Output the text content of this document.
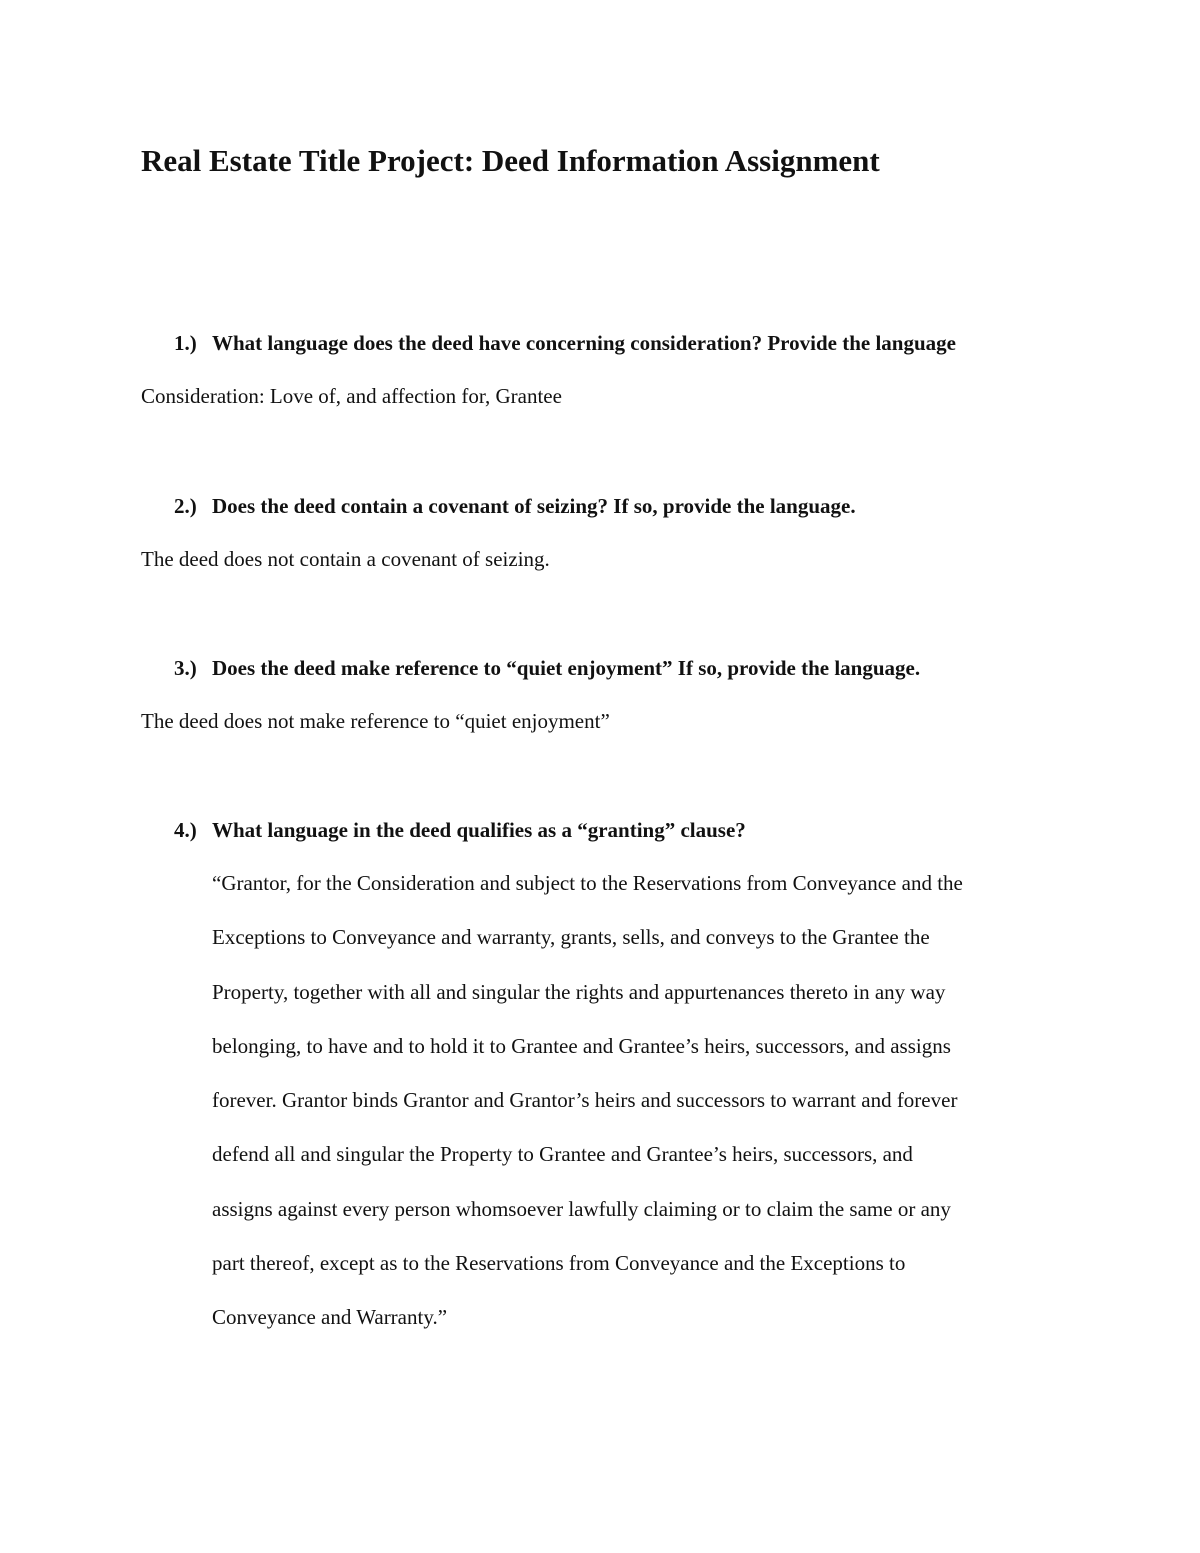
Real Estate Title Project: Deed Information Assignment

1.) What language does the deed have concerning consideration? Provide the language

Consideration: Love of, and affection for, Grantee

2.) Does the deed contain a covenant of seizing? If so, provide the language.

The deed does not contain a covenant of seizing.

3.) Does the deed make reference to “quiet enjoyment” If so, provide the language.

The deed does not make reference to “quiet enjoyment”

4.) What language in the deed qualifies as a “granting” clause?

“Grantor, for the Consideration and subject to the Reservations from Conveyance and the
Exceptions to Conveyance and warranty, grants, sells, and conveys to the Grantee the
Property, together with all and singular the rights and appurtenances thereto in any way
belonging, to have and to hold it to Grantee and Grantee’s heirs, successors, and assigns
forever. Grantor binds Grantor and Grantor’s heirs and successors to warrant and forever
defend all and singular the Property to Grantee and Grantee’s heirs, successors, and
assigns against every person whomsoever lawfully claiming or to claim the same or any
part thereof, except as to the Reservations from Conveyance and the Exceptions to
Conveyance and Warranty.”
